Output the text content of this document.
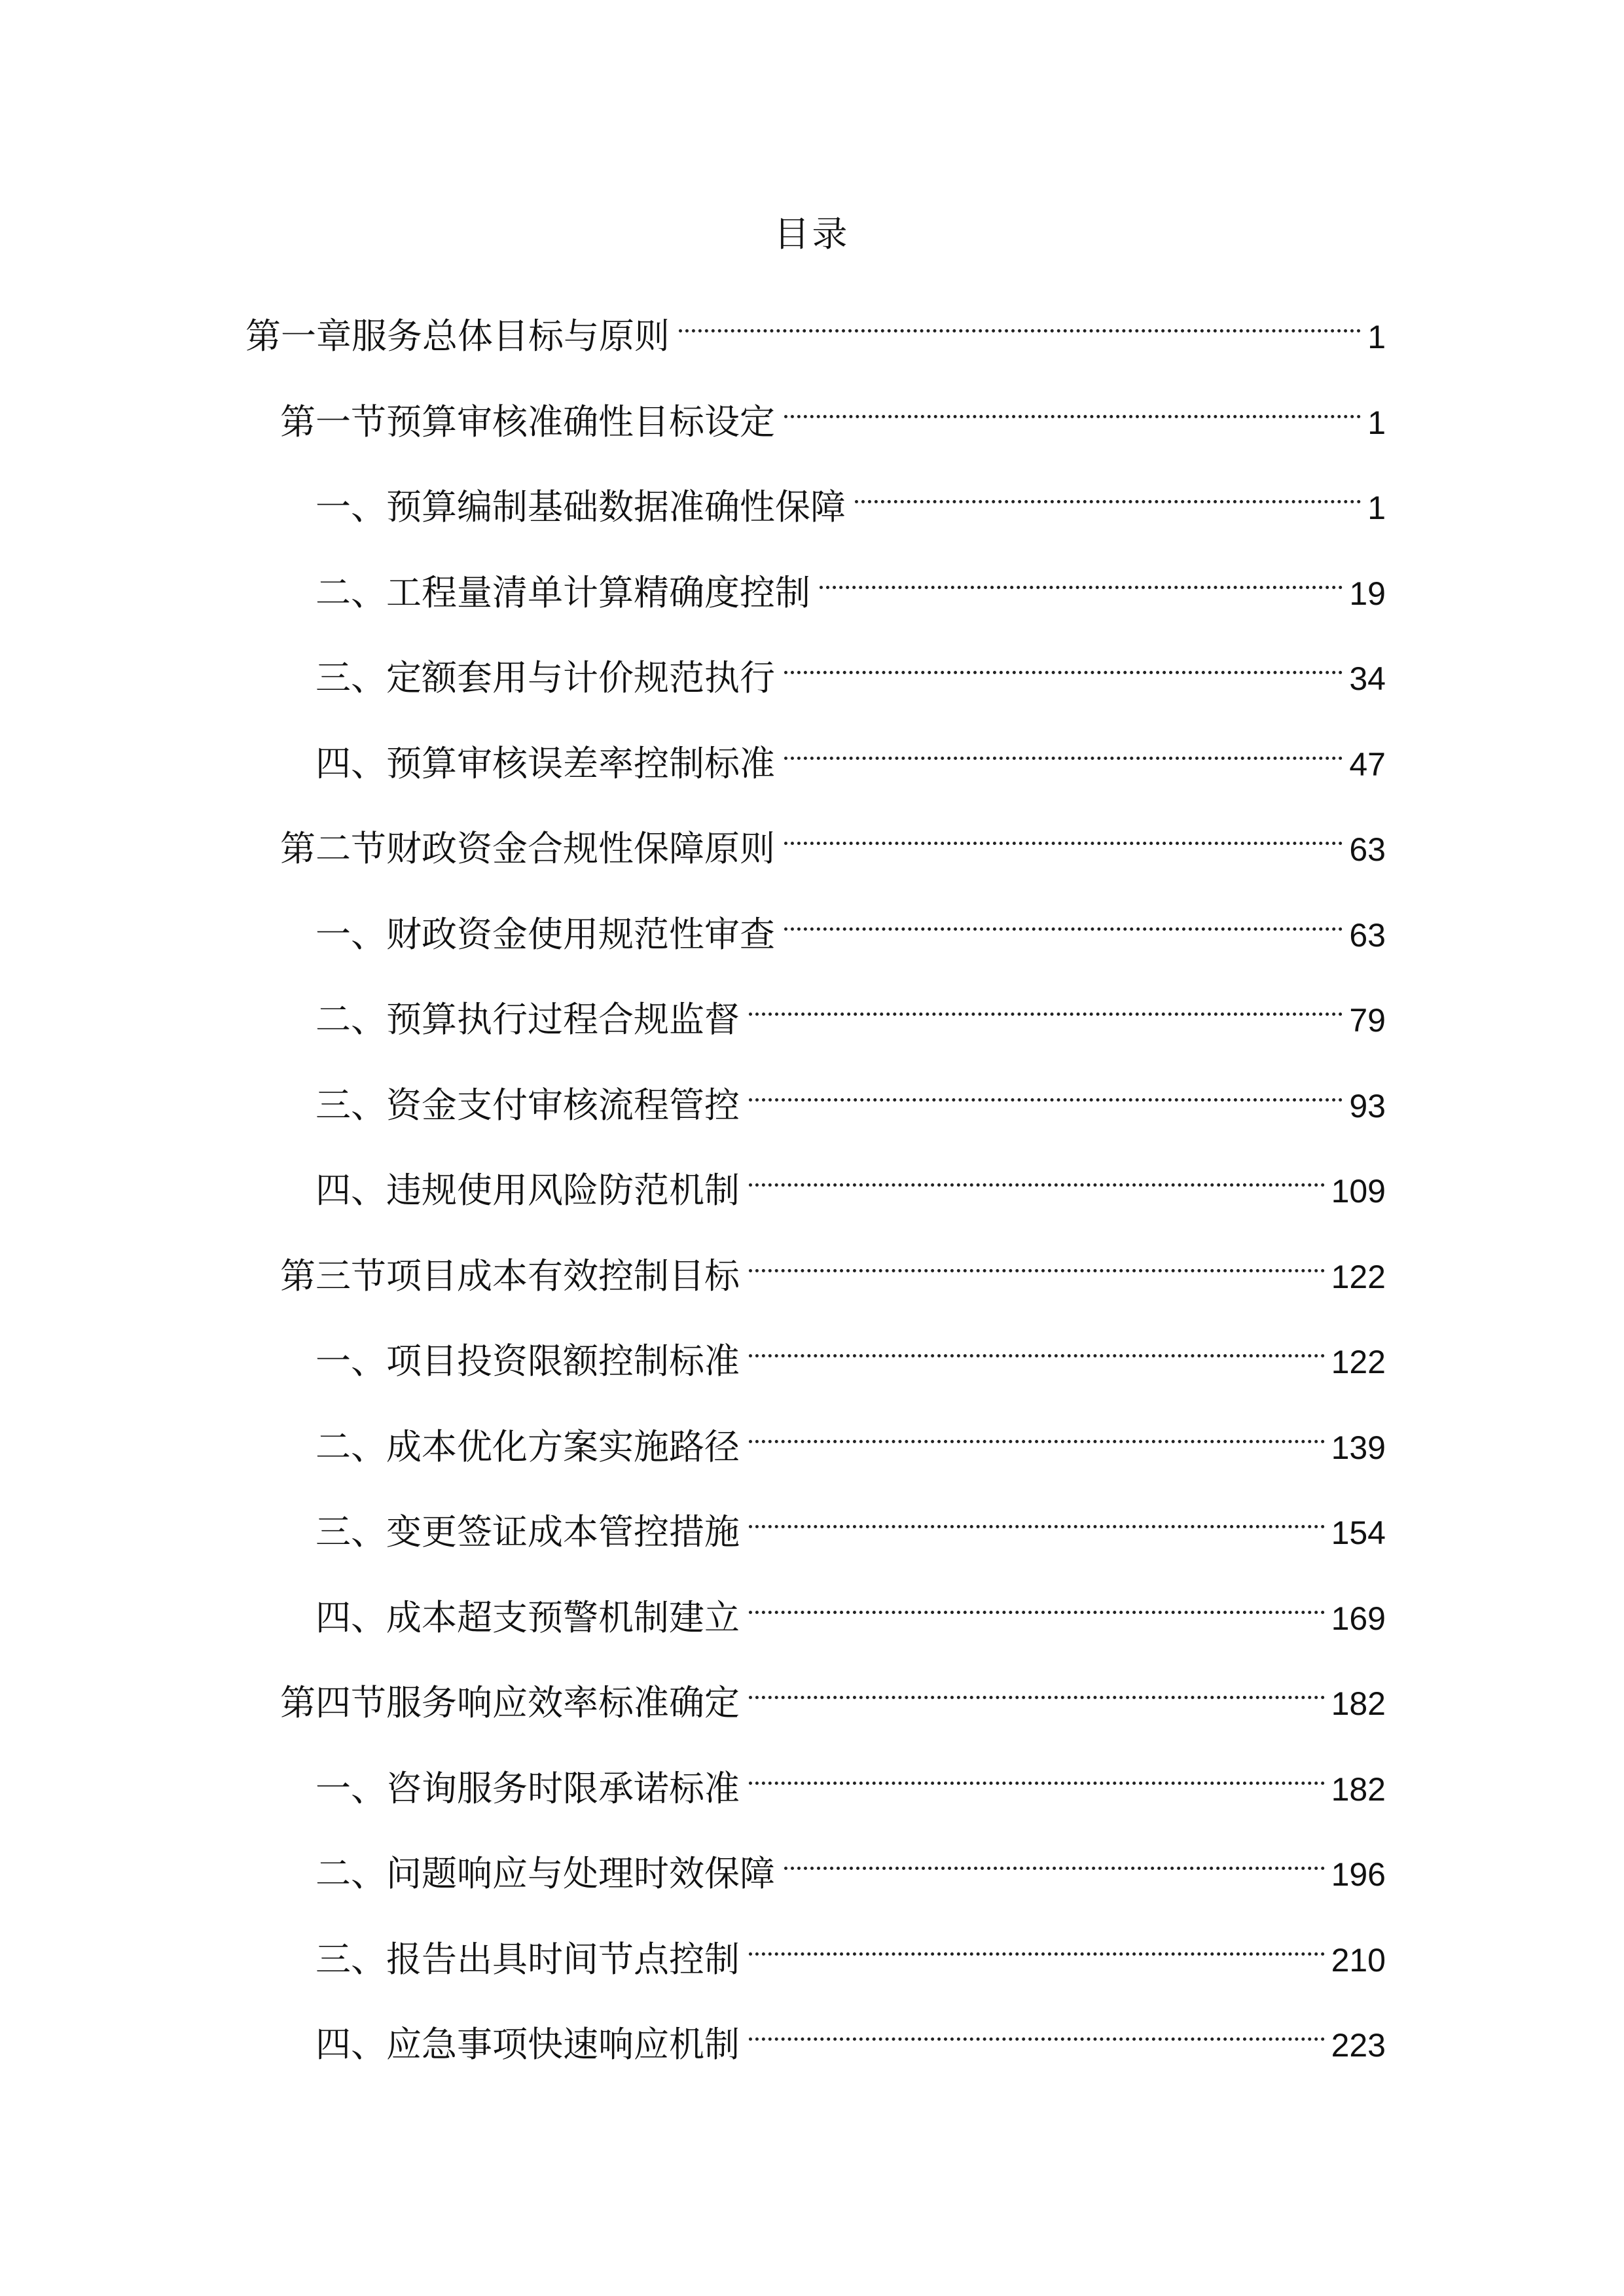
目录
第一章服务总体目标与原则	1
第一节预算审核准确性目标设定	1
一、预算编制基础数据准确性保障	1
二、工程量清单计算精确度控制	19
三、定额套用与计价规范执行	34
四、预算审核误差率控制标准	47
第二节财政资金合规性保障原则	63
一、财政资金使用规范性审查	63
二、预算执行过程合规监督	79
三、资金支付审核流程管控	93
四、违规使用风险防范机制	109
第三节项目成本有效控制目标	122
一、项目投资限额控制标准	122
二、成本优化方案实施路径	139
三、变更签证成本管控措施	154
四、成本超支预警机制建立	169
第四节服务响应效率标准确定	182
一、咨询服务时限承诺标准	182
二、问题响应与处理时效保障	196
三、报告出具时间节点控制	210
四、应急事项快速响应机制	223
